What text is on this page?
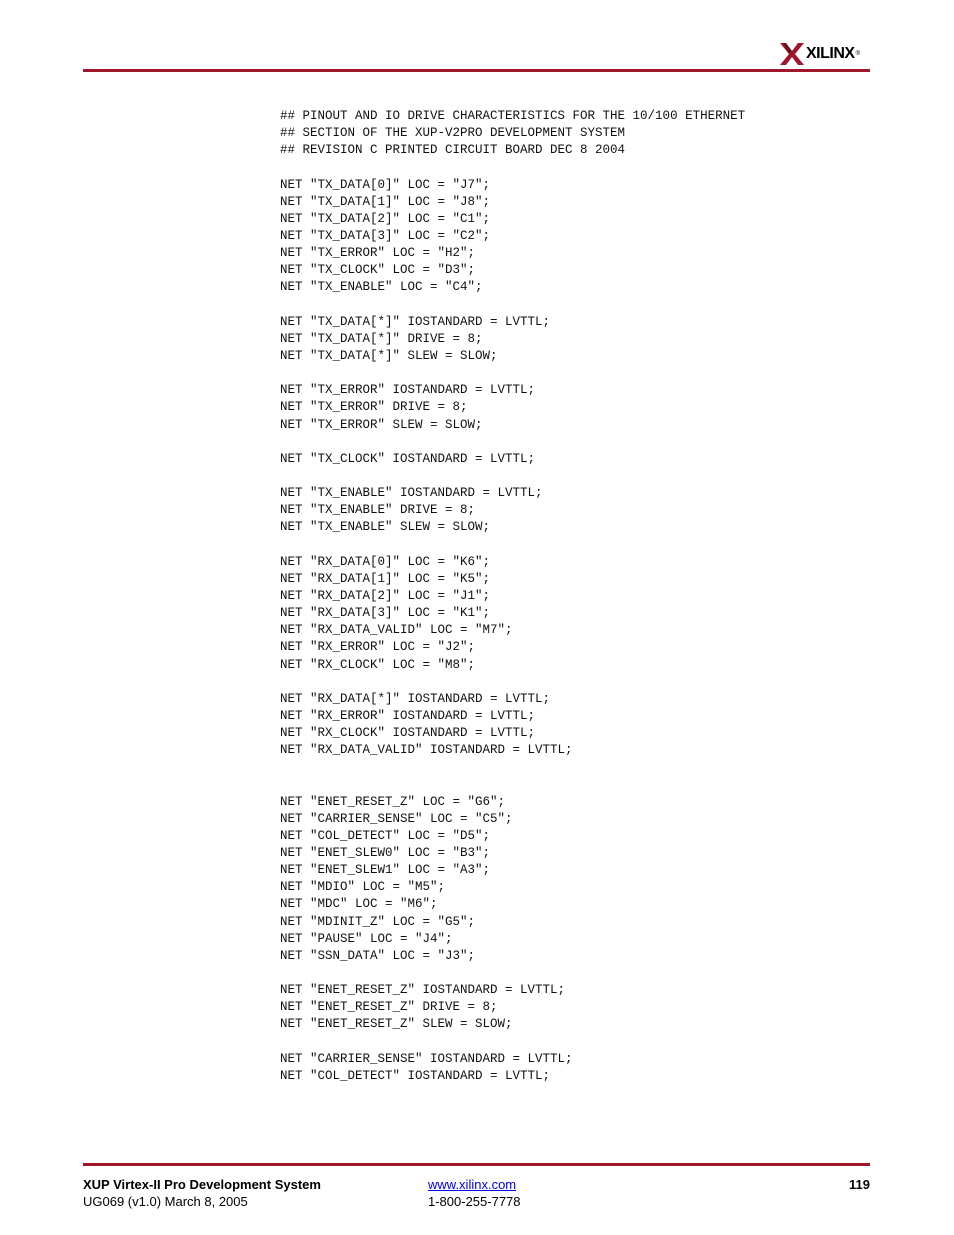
XILINX ®
## PINOUT AND IO DRIVE CHARACTERISTICS FOR THE 10/100 ETHERNET
## SECTION OF THE XUP-V2PRO DEVELOPMENT SYSTEM
## REVISION C PRINTED CIRCUIT BOARD DEC 8 2004
NET "TX_DATA[0]" LOC = "J7";
NET "TX_DATA[1]" LOC = "J8";
NET "TX_DATA[2]" LOC = "C1";
NET "TX_DATA[3]" LOC = "C2";
NET "TX_ERROR" LOC = "H2";
NET "TX_CLOCK" LOC = "D3";
NET "TX_ENABLE" LOC = "C4";
NET "TX_DATA[*]" IOSTANDARD = LVTTL;
NET "TX_DATA[*]" DRIVE = 8;
NET "TX_DATA[*]" SLEW = SLOW;
NET "TX_ERROR" IOSTANDARD = LVTTL;
NET "TX_ERROR" DRIVE = 8;
NET "TX_ERROR" SLEW = SLOW;
NET "TX_CLOCK" IOSTANDARD = LVTTL;
NET "TX_ENABLE" IOSTANDARD = LVTTL;
NET "TX_ENABLE" DRIVE = 8;
NET "TX_ENABLE" SLEW = SLOW;
NET "RX_DATA[0]" LOC = "K6";
NET "RX_DATA[1]" LOC = "K5";
NET "RX_DATA[2]" LOC = "J1";
NET "RX_DATA[3]" LOC = "K1";
NET "RX_DATA_VALID" LOC = "M7";
NET "RX_ERROR" LOC = "J2";
NET "RX_CLOCK" LOC = "M8";
NET "RX_DATA[*]" IOSTANDARD = LVTTL;
NET "RX_ERROR" IOSTANDARD = LVTTL;
NET "RX_CLOCK" IOSTANDARD = LVTTL;
NET "RX_DATA_VALID" IOSTANDARD = LVTTL;
NET "ENET_RESET_Z" LOC = "G6";
NET "CARRIER_SENSE" LOC = "C5";
NET "COL_DETECT" LOC = "D5";
NET "ENET_SLEW0" LOC = "B3";
NET "ENET_SLEW1" LOC = "A3";
NET "MDIO" LOC = "M5";
NET "MDC" LOC = "M6";
NET "MDINIT_Z" LOC = "G5";
NET "PAUSE" LOC = "J4";
NET "SSN_DATA" LOC = "J3";
NET "ENET_RESET_Z" IOSTANDARD = LVTTL;
NET "ENET_RESET_Z" DRIVE = 8;
NET "ENET_RESET_Z" SLEW = SLOW;
NET "CARRIER_SENSE" IOSTANDARD = LVTTL;
NET "COL_DETECT" IOSTANDARD = LVTTL;
XUP Virtex-II Pro Development System
UG069 (v1.0) March 8, 2005
www.xilinx.com
1-800-255-7778
119
